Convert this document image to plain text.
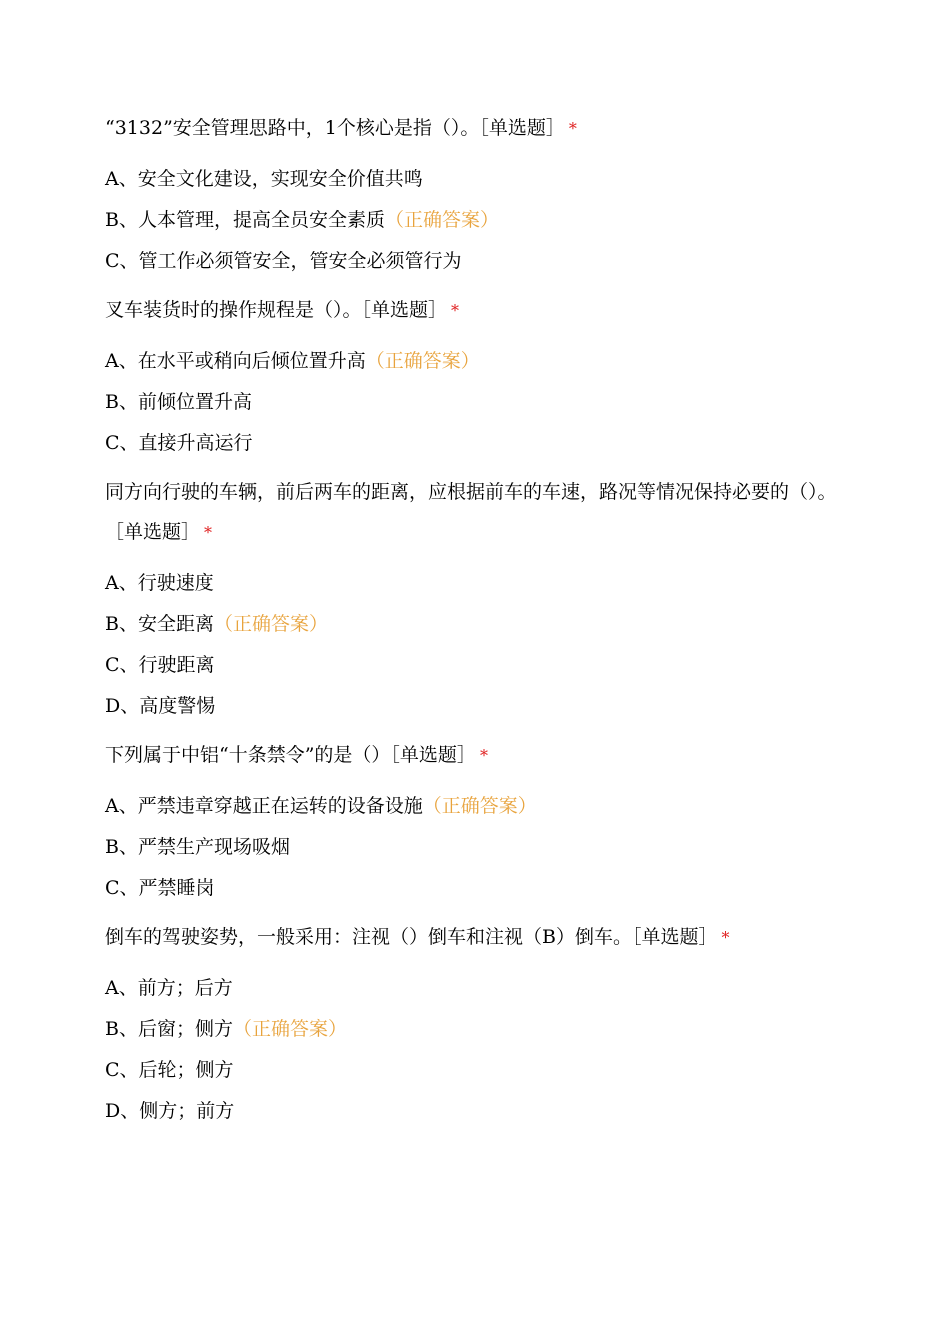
“3132”安全管理思路中，1个核心是指（）。［单选题］ *

A、安全文化建设，实现安全价值共鸣
B、人本管理，提高全员安全素质（正确答案）
C、管工作必须管安全，管安全必须管行为

叉车装货时的操作规程是（）。［单选题］ *

A、在水平或稍向后倾位置升高（正确答案）
B、前倾位置升高
C、直接升高运行

同方向行驶的车辆，前后两车的距离，应根据前车的车速，路况等情况保持必要的（）。［单选题］ *

A、行驶速度
B、安全距离（正确答案）
C、行驶距离
D、高度警惕

下列属于中铝“十条禁令”的是（）［单选题］ *

A、严禁违章穿越正在运转的设备设施（正确答案）
B、严禁生产现场吸烟
C、严禁睡岗

倒车的驾驶姿势，一般采用：注视（）倒车和注视（B）倒车。［单选题］ *

A、前方；后方
B、后窗；侧方（正确答案）
C、后轮；侧方
D、侧方；前方
